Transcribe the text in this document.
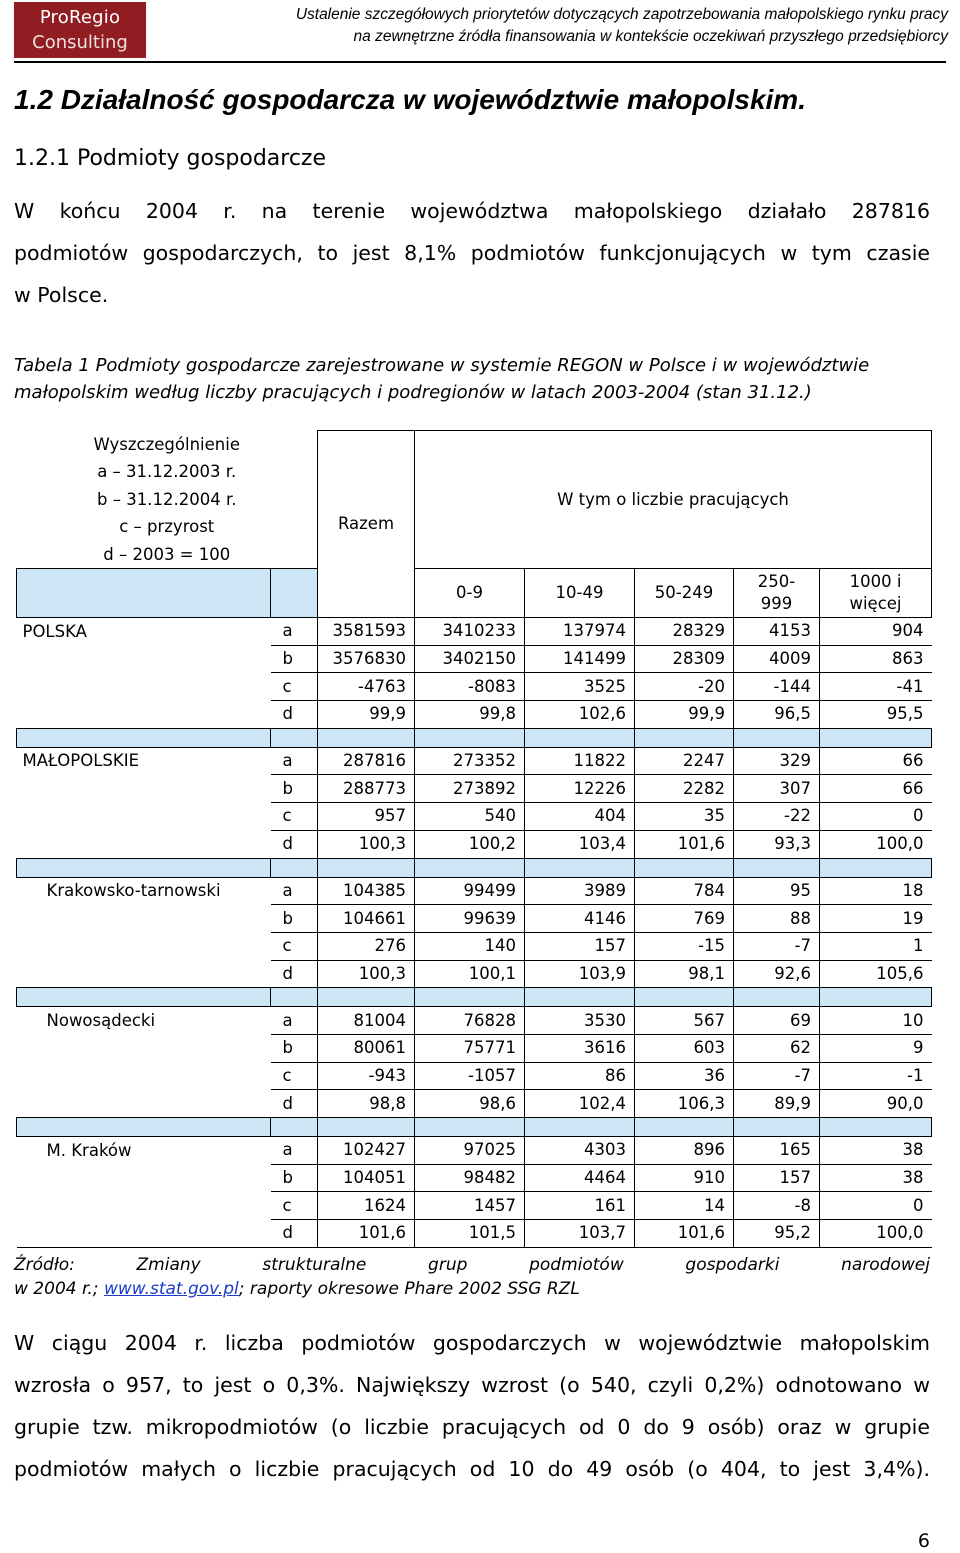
ProRegio
Consulting
Ustalenie szczegółowych priorytetów dotyczących zapotrzebowania małopolskiego rynku pracy
na zewnętrzne źródła finansowania w kontekście oczekiwań przyszłego przedsiębiorcy
1.2 Działalność gospodarcza w województwie małopolskim.
1.2.1 Podmioty gospodarcze
W końcu 2004 r. na terenie województwa małopolskiego działało 287816
podmiotów gospodarczych, to jest 8,1% podmiotów funkcjonujących w tym czasie
w Polsce.
Tabela 1 Podmioty gospodarcze zarejestrowane w systemie REGON w Polsce i w województwie małopolskim według liczby pracujących i podregionów w latach 2003-2004 (stan 31.12.)
Wyszczególnienie
a – 31.12.2003 r.
b – 31.12.2004 r.
c – przyrost
d – 2003 = 100		Razem	W tym o liczbie pracujących				
			0-9	10-49	50-249	250-999	1000 i więcej
POLSKA	a	3581593	3410233	137974	28329	4153	904
	b	3576830	3402150	141499	28309	4009	863
	c	-4763	-8083	3525	-20	-144	-41
	d	99,9	99,8	102,6	99,9	96,5	95,5

MAŁOPOLSKIE	a	287816	273352	11822	2247	329	66
	b	288773	273892	12226	2282	307	66
	c	957	540	404	35	-22	0
	d	100,3	100,2	103,4	101,6	93,3	100,0

Krakowsko-tarnowski	a	104385	99499	3989	784	95	18
	b	104661	99639	4146	769	88	19
	c	276	140	157	-15	-7	1
	d	100,3	100,1	103,9	98,1	92,6	105,6

Nowosądecki	a	81004	76828	3530	567	69	10
	b	80061	75771	3616	603	62	9
	c	-943	-1057	86	36	-7	-1
	d	98,8	98,6	102,4	106,3	89,9	90,0

M. Kraków	a	102427	97025	4303	896	165	38
	b	104051	98482	4464	910	157	38
	c	1624	1457	161	14	-8	0
	d	101,6	101,5	103,7	101,6	95,2	100,0
Źródło: Zmiany strukturalne grup podmiotów gospodarki narodowej
w 2004 r.; www.stat.gov.pl; raporty okresowe Phare 2002 SSG RZL
W ciągu 2004 r. liczba podmiotów gospodarczych w województwie małopolskim
wzrosła o 957, to jest o 0,3%. Największy wzrost (o 540, czyli 0,2%) odnotowano w
grupie tzw. mikropodmiotów (o liczbie pracujących od 0 do 9 osób) oraz w grupie
podmiotów małych o liczbie pracujących od 10 do 49 osób (o 404, to jest 3,4%).
6
